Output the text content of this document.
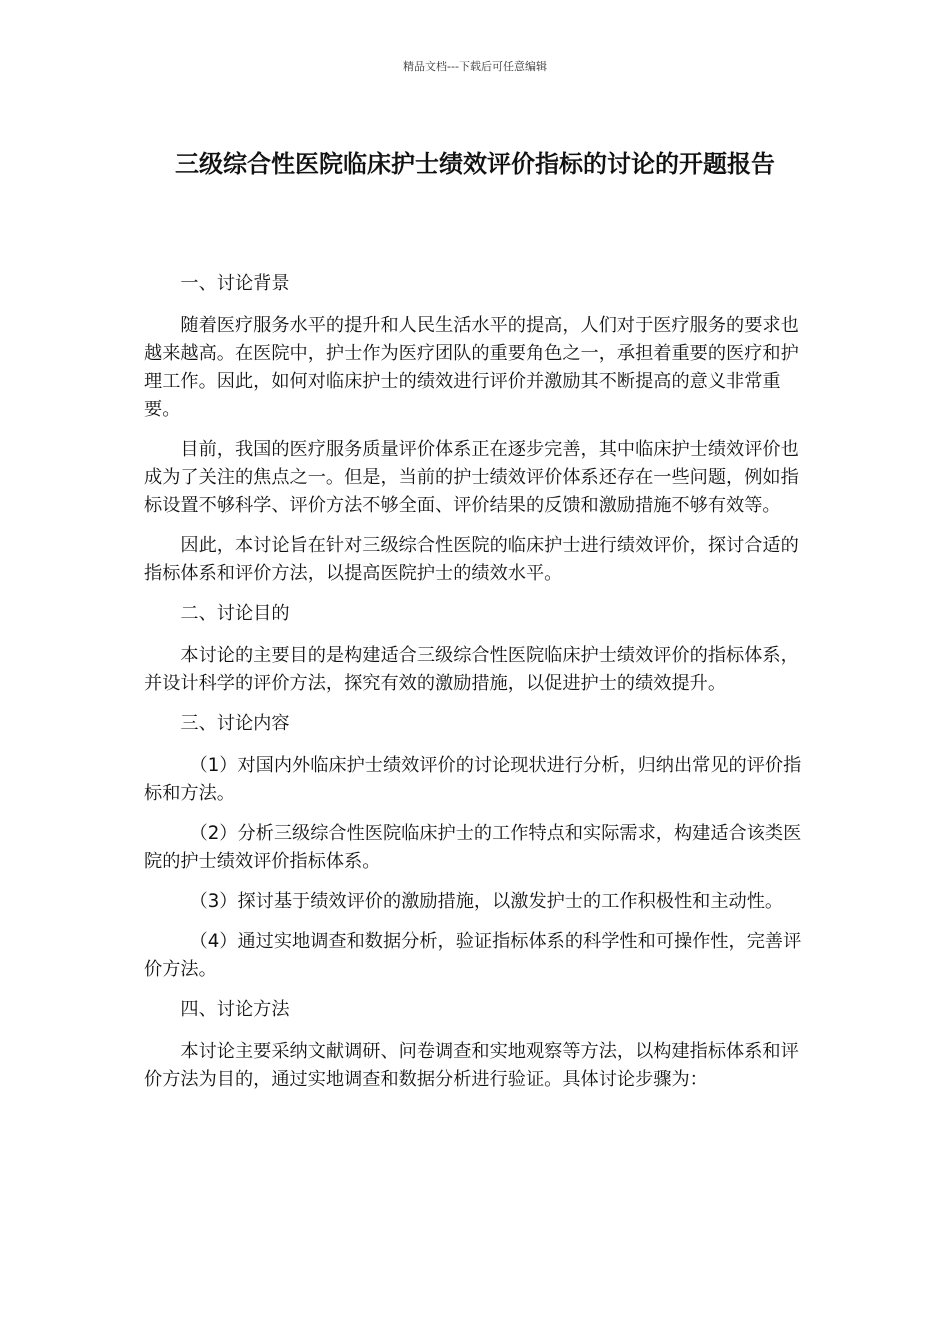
精品文档---下载后可任意编辑
三级综合性医院临床护士绩效评价指标的讨论的开题报告

一、讨论背景

随着医疗服务水平的提升和人民生活水平的提高，人们对于医疗服务的要求也越来越高。在医院中，护士作为医疗团队的重要角色之一，承担着重要的医疗和护理工作。因此，如何对临床护士的绩效进行评价并激励其不断提高的意义非常重要。

目前，我国的医疗服务质量评价体系正在逐步完善，其中临床护士绩效评价也成为了关注的焦点之一。但是，当前的护士绩效评价体系还存在一些问题，例如指标设置不够科学、评价方法不够全面、评价结果的反馈和激励措施不够有效等。

因此，本讨论旨在针对三级综合性医院的临床护士进行绩效评价，探讨合适的指标体系和评价方法，以提高医院护士的绩效水平。

二、讨论目的

本讨论的主要目的是构建适合三级综合性医院临床护士绩效评价的指标体系，并设计科学的评价方法，探究有效的激励措施，以促进护士的绩效提升。

三、讨论内容

（1）对国内外临床护士绩效评价的讨论现状进行分析，归纳出常见的评价指标和方法。

（2）分析三级综合性医院临床护士的工作特点和实际需求，构建适合该类医院的护士绩效评价指标体系。

（3）探讨基于绩效评价的激励措施，以激发护士的工作积极性和主动性。

（4）通过实地调查和数据分析，验证指标体系的科学性和可操作性，完善评价方法。

四、讨论方法

本讨论主要采纳文献调研、问卷调查和实地观察等方法，以构建指标体系和评价方法为目的，通过实地调查和数据分析进行验证。具体讨论步骤为：
